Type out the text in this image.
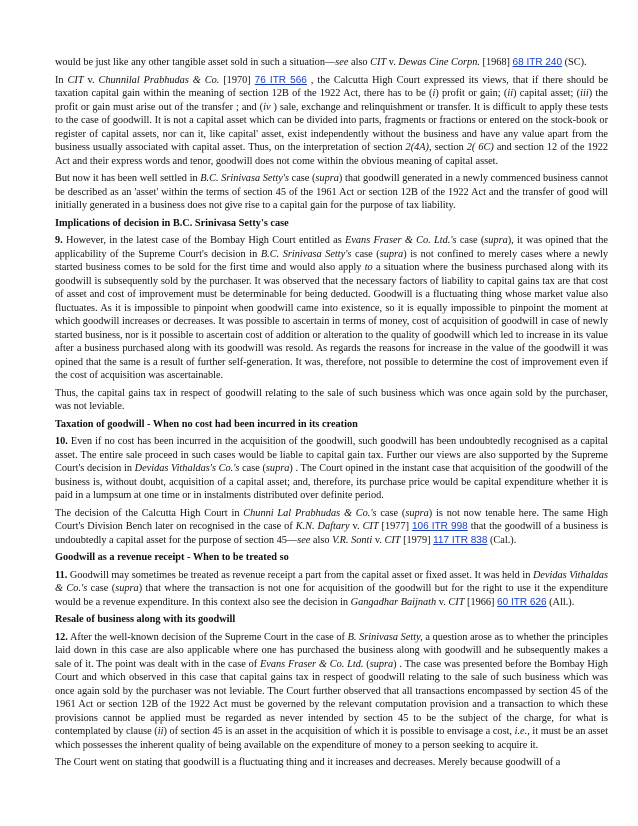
would be just like any other tangible asset sold in such a situation—see also CIT v. Dewas Cine Corpn. [1968] 68 ITR 240 (SC).

In CIT v. Chunnilal Prabhudas & Co. [1970] 76 ITR 566 , the Calcutta High Court expressed its views, that if there should be taxation capital gain within the meaning of section 12B of the 1922 Act, there has to be (i) profit or gain; (ii) capital asset; (iii) the profit or gain must arise out of the transfer ; and (iv ) sale, exchange and relinquishment or transfer. It is difficult to apply these tests to the case of goodwill. It is not a capital asset which can be divided into parts, fragments or fractions or entered on the stock-book or register of capital assets, nor can it, like capital' asset, exist independently without the business and have any value apart from the business usually associated with capital asset. Thus, on the interpretation of section 2(4A), section 2( 6C) and section 12 of the 1922 Act and their express words and tenor, goodwill does not come within the obvious meaning of capital asset.

But now it has been well settled in B.C. Srinivasa Setty's case (supra) that goodwill generated in a newly commenced business cannot be described as an 'asset' within the terms of section 45 of the 1961 Act or section 12B of the 1922 Act and the transfer of good will initially generated in a business does not give rise to a capital gain for the purpose of tax liability.

Implications of decision in B.C. Srinivasa Setty's case

9. However, in the latest case of the Bombay High Court entitled as Evans Fraser & Co. Ltd.'s case (supra), it was opined that the applicability of the Supreme Court's decision in B.C. Srinivasa Setty's case (supra) is not confined to merely cases where a newly started business comes to be sold for the first time and would also apply to a situation where the business purchased along with its goodwill is subsequently sold by the purchaser. It was observed that the necessary factors of liability to capital gains tax are that cost of asset and cost of improvement must be determinable for being deducted. Goodwill is a fluctuating thing whose market value also fluctuates. As it is impossible to pinpoint when goodwill came into existence, so it is equally impossible to pinpoint the moment at which goodwill increases or decreases. It was possible to ascertain in terms of money, cost of acquisition of goodwill in case of newly started business, nor is it possible to ascertain cost of addition or alteration to the quality of goodwill which led to increase in its value after a business purchased along with its goodwill was resold. As regards the reasons for increase in the value of the goodwill it was opined that the same is a result of further self-generation. It was, therefore, not possible to determine the cost of improvement even if the cost of acquisition was ascertainable.

Thus, the capital gains tax in respect of goodwill relating to the sale of such business which was once again sold by the purchaser, was not leviable.

Taxation of goodwill - When no cost had been incurred in its creation

10. Even if no cost has been incurred in the acquisition of the goodwill, such goodwill has been undoubtedly recognised as a capital asset. The entire sale proceed in such cases would be liable to capital gain tax. Further our views are also supported by the Supreme Court's decision in Devidas Vithaldas's Co.'s case (supra) . The Court opined in the instant case that acquisition of the goodwill of the business is, without doubt, acquisition of a capital asset; and, therefore, its purchase price would be capital expenditure whether it is paid in a lumpsum at one time or in instalments distributed over definite period.

The decision of the Calcutta High Court in Chunni Lal Prabhudas & Co.'s case (supra) is not now tenable here. The same High Court's Division Bench later on recognised in the case of K.N. Daftary v. CIT [1977] 106 ITR 998 that the goodwill of a business is undoubtedly a capital asset for the purpose of section 45—see also V.R. Sonti v. CIT [1979] 117 ITR 838 (Cal.).

Goodwill as a revenue receipt - When to be treated so

11. Goodwill may sometimes be treated as revenue receipt a part from the capital asset or fixed asset. It was held in Devidas Vithaldas & Co.'s case (supra) that where the transaction is not one for acquisition of the goodwill but for the right to use it the expenditure would be a revenue expenditure. In this context also see the decision in Gangadhar Baijnath v. CIT [1966] 60 ITR 626 (All.).

Resale of business along with its goodwill

12. After the well-known decision of the Supreme Court in the case of B. Srinivasa Setty, a question arose as to whether the principles laid down in this case are also applicable where one has purchased the business along with goodwill and he subsequently makes a sale of it. The point was dealt with in the case of Evans Fraser & Co. Ltd. (supra) . The case was presented before the Bombay High Court and which observed in this case that capital gains tax in respect of goodwill relating to the sale of such business which was once again sold by the purchaser was not leviable. The Court further observed that all transactions encompassed by section 45 of the 1961 Act or section 12B of the 1922 Act must be governed by the relevant computation provision and a transaction to which these provisions cannot be applied must be regarded as never intended by section 45 to be the subject of the charge, for what is contemplated by clause (ii) of section 45 is an asset in the acquisition of which it is possible to envisage a cost, i.e., it must be an asset which possesses the inherent quality of being available on the expenditure of money to a person seeking to acquire it.

The Court went on stating that goodwill is a fluctuating thing and it increases and decreases. Merely because goodwill of a
